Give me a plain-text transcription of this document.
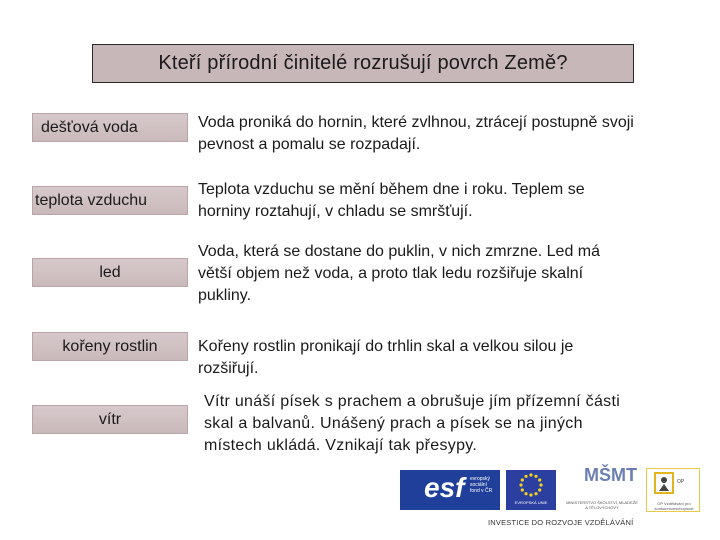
Kteří přírodní činitelé rozrušují povrch Země?
dešťová voda	Voda proniká do hornin, které zvlhnou, ztrácejí postupně svoji
pevnost a pomalu se rozpadají.
teplota vzduchu
Teplota vzduchu se mění během dne i roku. Teplem se
horniny roztahují, v chladu se smršťují.
led
Voda, která se dostane do puklin, v nich zmrzne. Led má
větší objem než voda, a proto tlak ledu rozšiřuje skalní
pukliny.
kořeny rostlin	Kořeny rostlin pronikají do trhlin skal a velkou silou je
rozšiřují.
vítr
Vítr unáší písek s prachem a obrušuje jím přízemní části
skal a balvanů. Unášený prach a písek se na jiných
místech ukládá. Vznikají tak přesypy.
esf evropský sociální fond v ČR
EVROPSKÁ UNIE
MŠMT
MINISTERSTVO ŠKOLSTVÍ, MLÁDEŽE A TĚLOVÝCHOVY
OP
OP Vzdělávání pro konkurenceschopnost
INVESTICE DO ROZVOJE VZDĚLÁVÁNÍ
